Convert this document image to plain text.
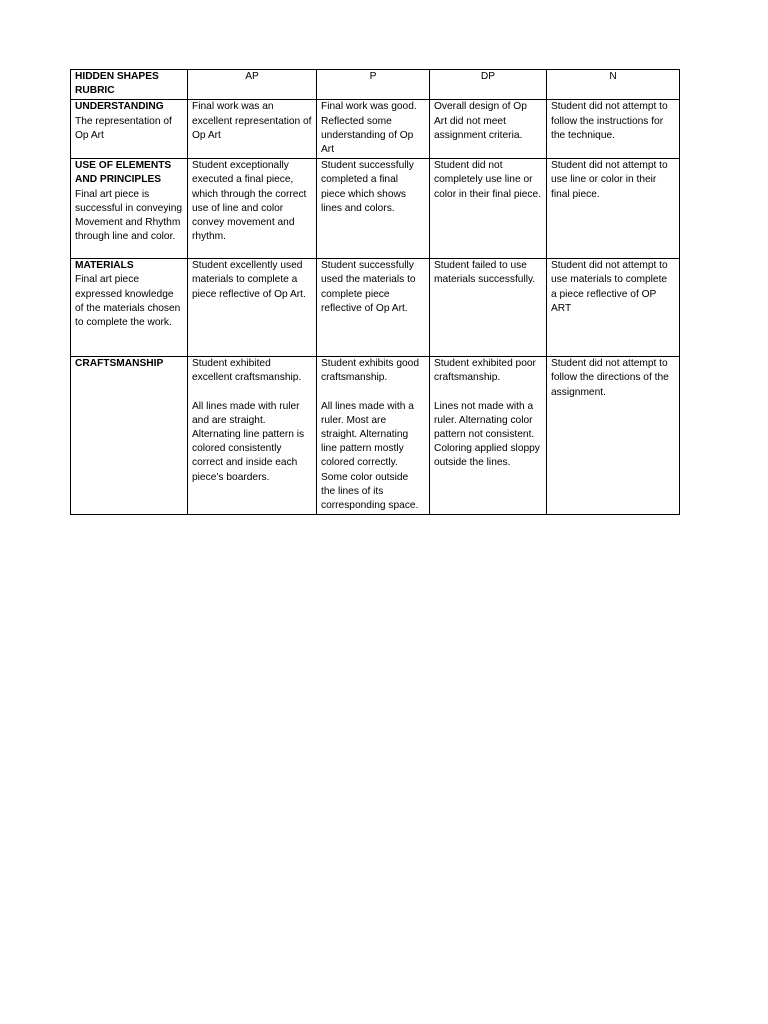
HIDDEN SHAPES RUBRIC	AP	P	DP	N

UNDERSTANDING
The representation of Op Art	Final work was an excellent representation of Op Art	Final work was good. Reflected some understanding of Op Art	Overall design of Op Art did not meet assignment criteria.	Student did not attempt to follow the instructions for the technique.

USE OF ELEMENTS AND PRINCIPLES
Final art piece is successful in conveying Movement and Rhythm through line and color.	Student exceptionally executed a final piece, which through the correct use of line and color convey movement and rhythm.	Student successfully completed a final piece which shows lines and colors.	Student did not completely use line or color in their final piece.	Student did not attempt to use line or color in their final piece.

MATERIALS
Final art piece expressed knowledge of the materials chosen to complete the work.	Student excellently used materials to complete a piece reflective of Op Art.	Student successfully used the materials to complete piece reflective of Op Art.	Student failed to use materials successfully.	Student did not attempt to use materials to complete a piece reflective of OP ART

CRAFTSMANSHIP	Student exhibited excellent craftsmanship.
All lines made with ruler and are straight. Alternating line pattern is colored consistently correct and inside each piece’s boarders.	Student exhibits good craftsmanship.
All lines made with a ruler. Most are straight. Alternating line pattern mostly colored correctly. Some color outside the lines of its corresponding space.	Student exhibited poor craftsmanship.
Lines not made with a ruler. Alternating color pattern not consistent. Coloring applied sloppy outside the lines.	Student did not attempt to follow the directions of the assignment.
